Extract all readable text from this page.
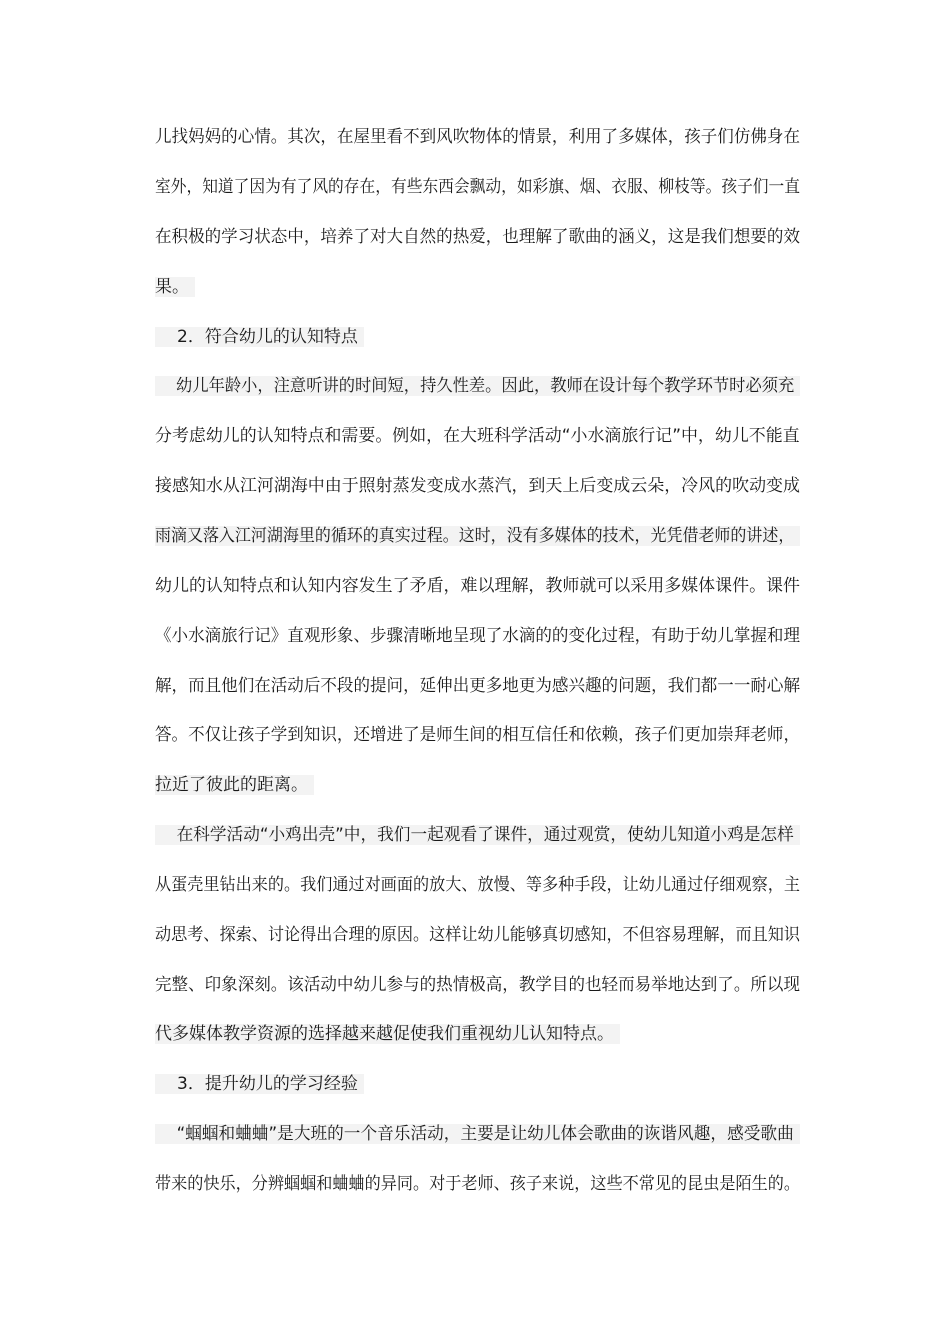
儿找妈妈的心情。其次，在屋里看不到风吹物体的情景，利用了多媒体，孩子们仿佛身在
室外，知道了因为有了风的存在，有些东西会飘动，如彩旗、烟、衣服、柳枝等。孩子们一直
在积极的学习状态中，培养了对大自然的热爱，也理解了歌曲的涵义，这是我们想要的效
果。
2．符合幼儿的认知特点
幼儿年龄小，注意听讲的时间短，持久性差。因此，教师在设计每个教学环节时必须充
分考虑幼儿的认知特点和需要。例如，在大班科学活动“小水滴旅行记”中，幼儿不能直
接感知水从江河湖海中由于照射蒸发变成水蒸汽，到天上后变成云朵，冷风的吹动变成
雨滴又落入江河湖海里的循环的真实过程。这时，没有多媒体的技术，光凭借老师的讲述，
幼儿的认知特点和认知内容发生了矛盾，难以理解，教师就可以采用多媒体课件。课件
《小水滴旅行记》直观形象、步骤清晰地呈现了水滴的的变化过程，有助于幼儿掌握和理
解，而且他们在活动后不段的提问，延伸出更多地更为感兴趣的问题，我们都一一耐心解
答。不仅让孩子学到知识，还增进了是师生间的相互信任和依赖，孩子们更加崇拜老师，
拉近了彼此的距离。
在科学活动“小鸡出壳”中，我们一起观看了课件，通过观赏，使幼儿知道小鸡是怎样
从蛋壳里钻出来的。我们通过对画面的放大、放慢、等多种手段，让幼儿通过仔细观察，主
动思考、探索、讨论得出合理的原因。这样让幼儿能够真切感知，不但容易理解，而且知识
完整、印象深刻。该活动中幼儿参与的热情极高，教学目的也轻而易举地达到了。所以现
代多媒体教学资源的选择越来越促使我们重视幼儿认知特点。
3．提升幼儿的学习经验
“蝈蝈和蛐蛐”是大班的一个音乐活动，主要是让幼儿体会歌曲的诙谐风趣，感受歌曲
带来的快乐，分辨蝈蝈和蛐蛐的异同。对于老师、孩子来说，这些不常见的昆虫是陌生的。
